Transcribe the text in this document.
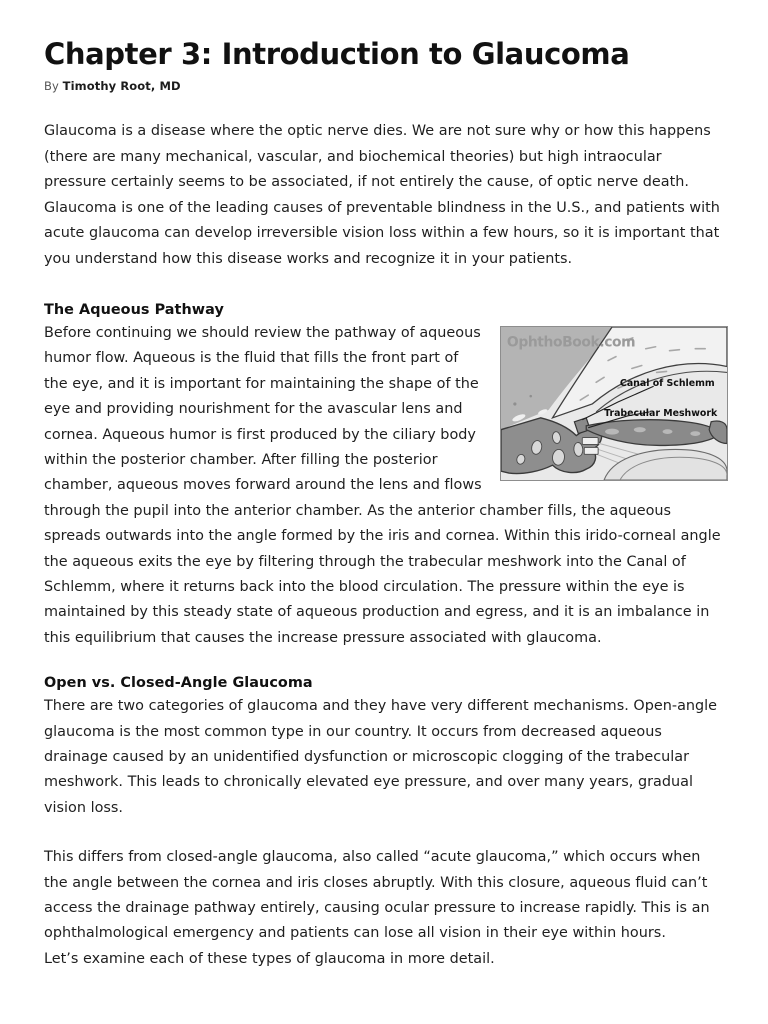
Chapter 3: Introduction to Glaucoma
By Timothy Root, MD

Glaucoma is a disease where the optic nerve dies. We are not sure why or how this happens (there are many mechanical, vascular, and biochemical theories) but high intraocular pressure certainly seems to be associated, if not entirely the cause, of optic nerve death. Glaucoma is one of the leading causes of preventable blindness in the U.S., and patients with acute glaucoma can develop irreversible vision loss within a few hours, so it is important that you understand how this disease works and recognize it in your patients.

The Aqueous Pathway
OphthoBook.com
Canal of Schlemm
Trabecular Meshwork

Before continuing we should review the pathway of aqueous humor flow. Aqueous is the fluid that fills the front part of the eye, and it is important for maintaining the shape of the eye and providing nourishment for the avascular lens and cornea. Aqueous humor is first produced by the ciliary body within the posterior chamber. After filling the posterior chamber, aqueous moves forward around the lens and flows through the pupil into the anterior chamber. As the anterior chamber fills, the aqueous spreads outwards into the angle formed by the iris and cornea. Within this irido-corneal angle the aqueous exits the eye by filtering through the trabecular meshwork into the Canal of Schlemm, where it returns back into the blood circulation. The pressure within the eye is maintained by this steady state of aqueous production and egress, and it is an imbalance in this equilibrium that causes the increase pressure associated with glaucoma.

Open vs. Closed-Angle Glaucoma

There are two categories of glaucoma and they have very different mechanisms. Open-angle glaucoma is the most common type in our country. It occurs from decreased aqueous drainage caused by an unidentified dysfunction or microscopic clogging of the trabecular meshwork. This leads to chronically elevated eye pressure, and over many years, gradual vision loss.

This differs from closed-angle glaucoma, also called “acute glaucoma,” which occurs when the angle between the cornea and iris closes abruptly. With this closure, aqueous fluid can’t access the drainage pathway entirely, causing ocular pressure to increase rapidly. This is an ophthalmological emergency and patients can lose all vision in their eye within hours.

Let’s examine each of these types of glaucoma in more detail.
